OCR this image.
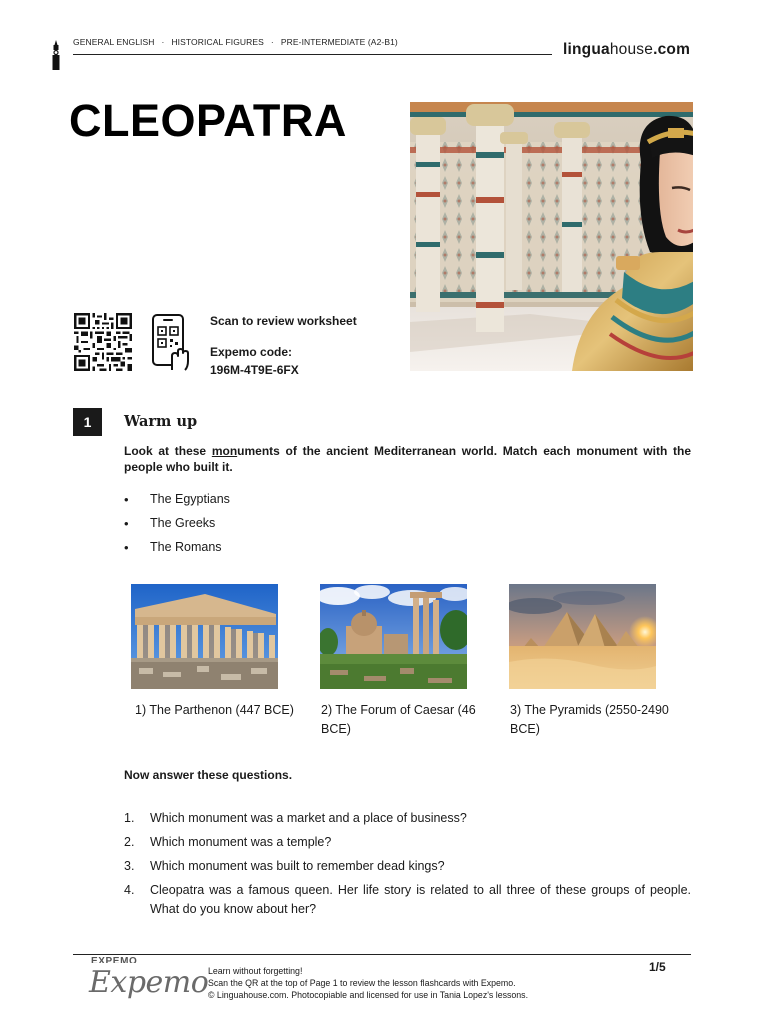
GENERAL ENGLISH · HISTORICAL FIGURES · PRE-INTERMEDIATE (A2-B1)	linguahouse.com
CLEOPATRA
Scan to review worksheet
Expemo code:
196M-4T9E-6FX
1	Warm up

Look at these monuments of the ancient Mediterranean world. Match each monument with the people who built it.

• The Egyptians
• The Greeks
• The Romans
1) The Parthenon (447 BCE)	2) The Forum of Caesar (46 BCE)
3) The Pyramids (2550-2490 BCE)
Now answer these questions.
1.	Which monument was a market and a place of business?
2.	Which monument was a temple?
3.	Which monument was built to remember dead kings?
4.	Cleopatra was a famous queen. Her life story is related to all three of these groups of people. What do you know about her?
EXPEMO
Expemo Learn without forgetting!
Scan the QR at the top of Page 1 to review the lesson flashcards with Expemo.
© Linguahouse.com. Photocopiable and licensed for use in Tania Lopez's lessons.
1/5
